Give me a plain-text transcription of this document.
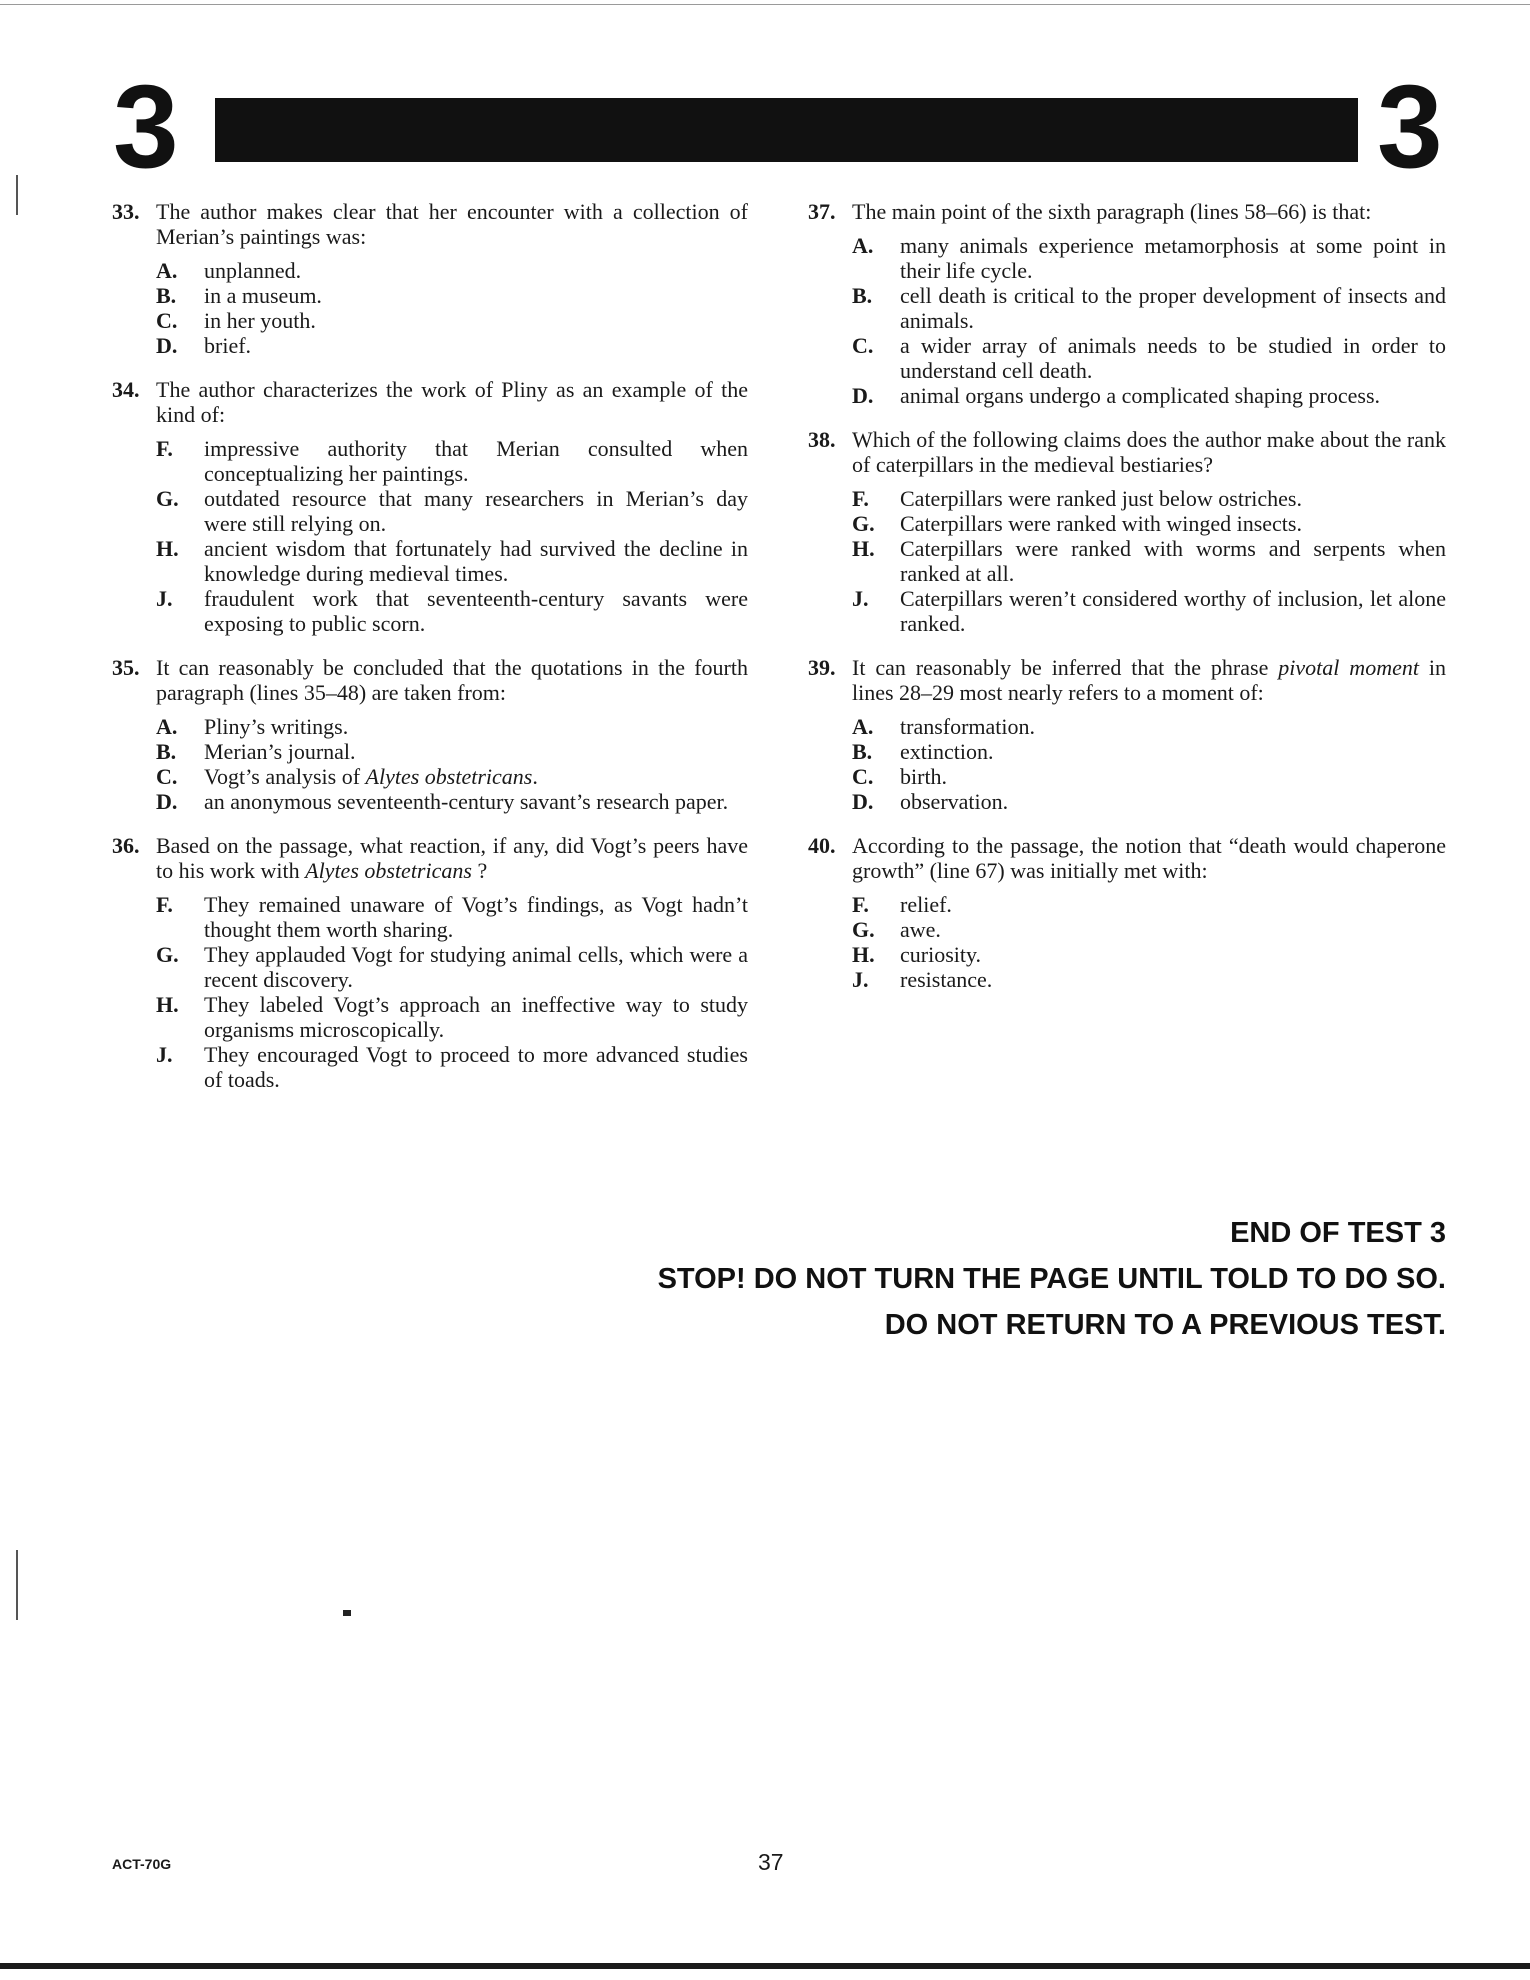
3	3
33. The author makes clear that her encounter with a collection of Merian’s paintings was:
A. unplanned.
B. in a museum.
C. in her youth.
D. brief.
34. The author characterizes the work of Pliny as an example of the kind of:
F. impressive authority that Merian consulted when conceptualizing her paintings.
G. outdated resource that many researchers in Merian’s day were still relying on.
H. ancient wisdom that fortunately had survived the decline in knowledge during medieval times.
J. fraudulent work that seventeenth-century savants were exposing to public scorn.
35. It can reasonably be concluded that the quotations in the fourth paragraph (lines 35–48) are taken from:
A. Pliny’s writings.
B. Merian’s journal.
C. Vogt’s analysis of Alytes obstetricans.
D. an anonymous seventeenth-century savant’s research paper.
36. Based on the passage, what reaction, if any, did Vogt’s peers have to his work with Alytes obstetricans ?
F. They remained unaware of Vogt’s findings, as Vogt hadn’t thought them worth sharing.
G. They applauded Vogt for studying animal cells, which were a recent discovery.
H. They labeled Vogt’s approach an ineffective way to study organisms microscopically.
J. They encouraged Vogt to proceed to more advanced studies of toads.
37. The main point of the sixth paragraph (lines 58–66) is that:
A. many animals experience metamorphosis at some point in their life cycle.
B. cell death is critical to the proper development of insects and animals.
C. a wider array of animals needs to be studied in order to understand cell death.
D. animal organs undergo a complicated shaping process.
38. Which of the following claims does the author make about the rank of caterpillars in the medieval bestiaries?
F. Caterpillars were ranked just below ostriches.
G. Caterpillars were ranked with winged insects.
H. Caterpillars were ranked with worms and serpents when ranked at all.
J. Caterpillars weren’t considered worthy of inclusion, let alone ranked.
39. It can reasonably be inferred that the phrase pivotal moment in lines 28–29 most nearly refers to a moment of:
A. transformation.
B. extinction.
C. birth.
D. observation.
40. According to the passage, the notion that “death would chaperone growth” (line 67) was initially met with:
F. relief.
G. awe.
H. curiosity.
J. resistance.
END OF TEST 3
STOP! DO NOT TURN THE PAGE UNTIL TOLD TO DO SO.
DO NOT RETURN TO A PREVIOUS TEST.
ACT-70G	37
